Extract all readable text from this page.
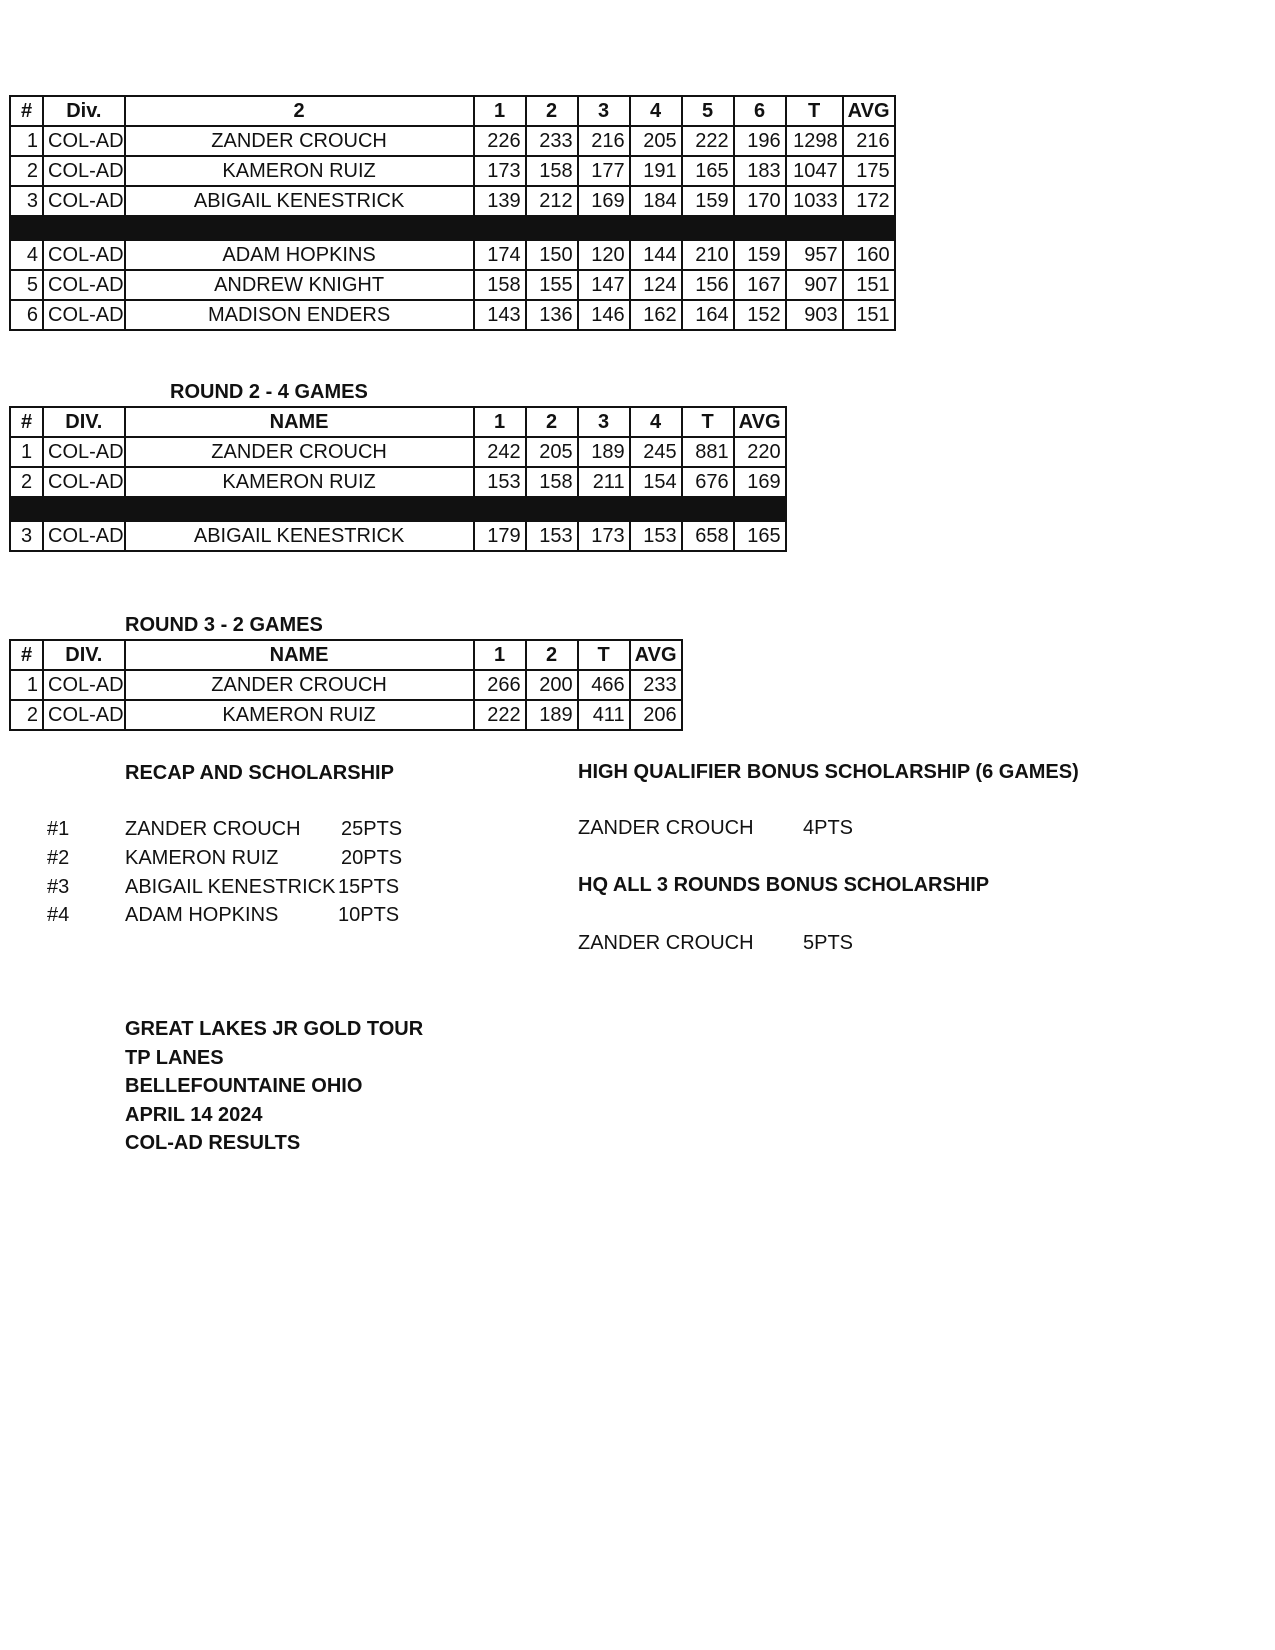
#	Div.	2	1	2	3	4	5	6	T	AVG
1	COL-AD	ZANDER CROUCH	226	233	216	205	222	196	1298	216
2	COL-AD	KAMERON RUIZ	173	158	177	191	165	183	1047	175
3	COL-AD	ABIGAIL KENESTRICK	139	212	169	184	159	170	1033	172

4	COL-AD	ADAM HOPKINS	174	150	120	144	210	159	957	160
5	COL-AD	ANDREW KNIGHT	158	155	147	124	156	167	907	151
6	COL-AD	MADISON ENDERS	143	136	146	162	164	152	903	151
ROUND 2 - 4 GAMES
#	DIV.	NAME	1	2	3	4	T	AVG
1	COL-AD	ZANDER CROUCH	242	205	189	245	881	220
2	COL-AD	KAMERON RUIZ	153	158	211	154	676	169

3	COL-AD	ABIGAIL KENESTRICK	179	153	173	153	658	165
ROUND 3 - 2 GAMES
#	DIV.	NAME	1	2	T	AVG
1	COL-AD	ZANDER CROUCH	266	200	466	233
2	COL-AD	KAMERON RUIZ	222	189	411	206
RECAP AND SCHOLARSHIP
#1	ZANDER CROUCH 25PTS
#2	KAMERON RUIZ	20PTS
#3	ABIGAIL KENESTRICK 15PTS
#4	ADAM HOPKINS	10PTS
HIGH QUALIFIER BONUS SCHOLARSHIP (6 GAMES)
ZANDER CROUCH 4PTS
HQ ALL 3 ROUNDS BONUS SCHOLARSHIP
ZANDER CROUCH 5PTS
GREAT LAKES JR GOLD TOUR
TP LANES
BELLEFOUNTAINE OHIO
APRIL 14 2024
COL-AD RESULTS
